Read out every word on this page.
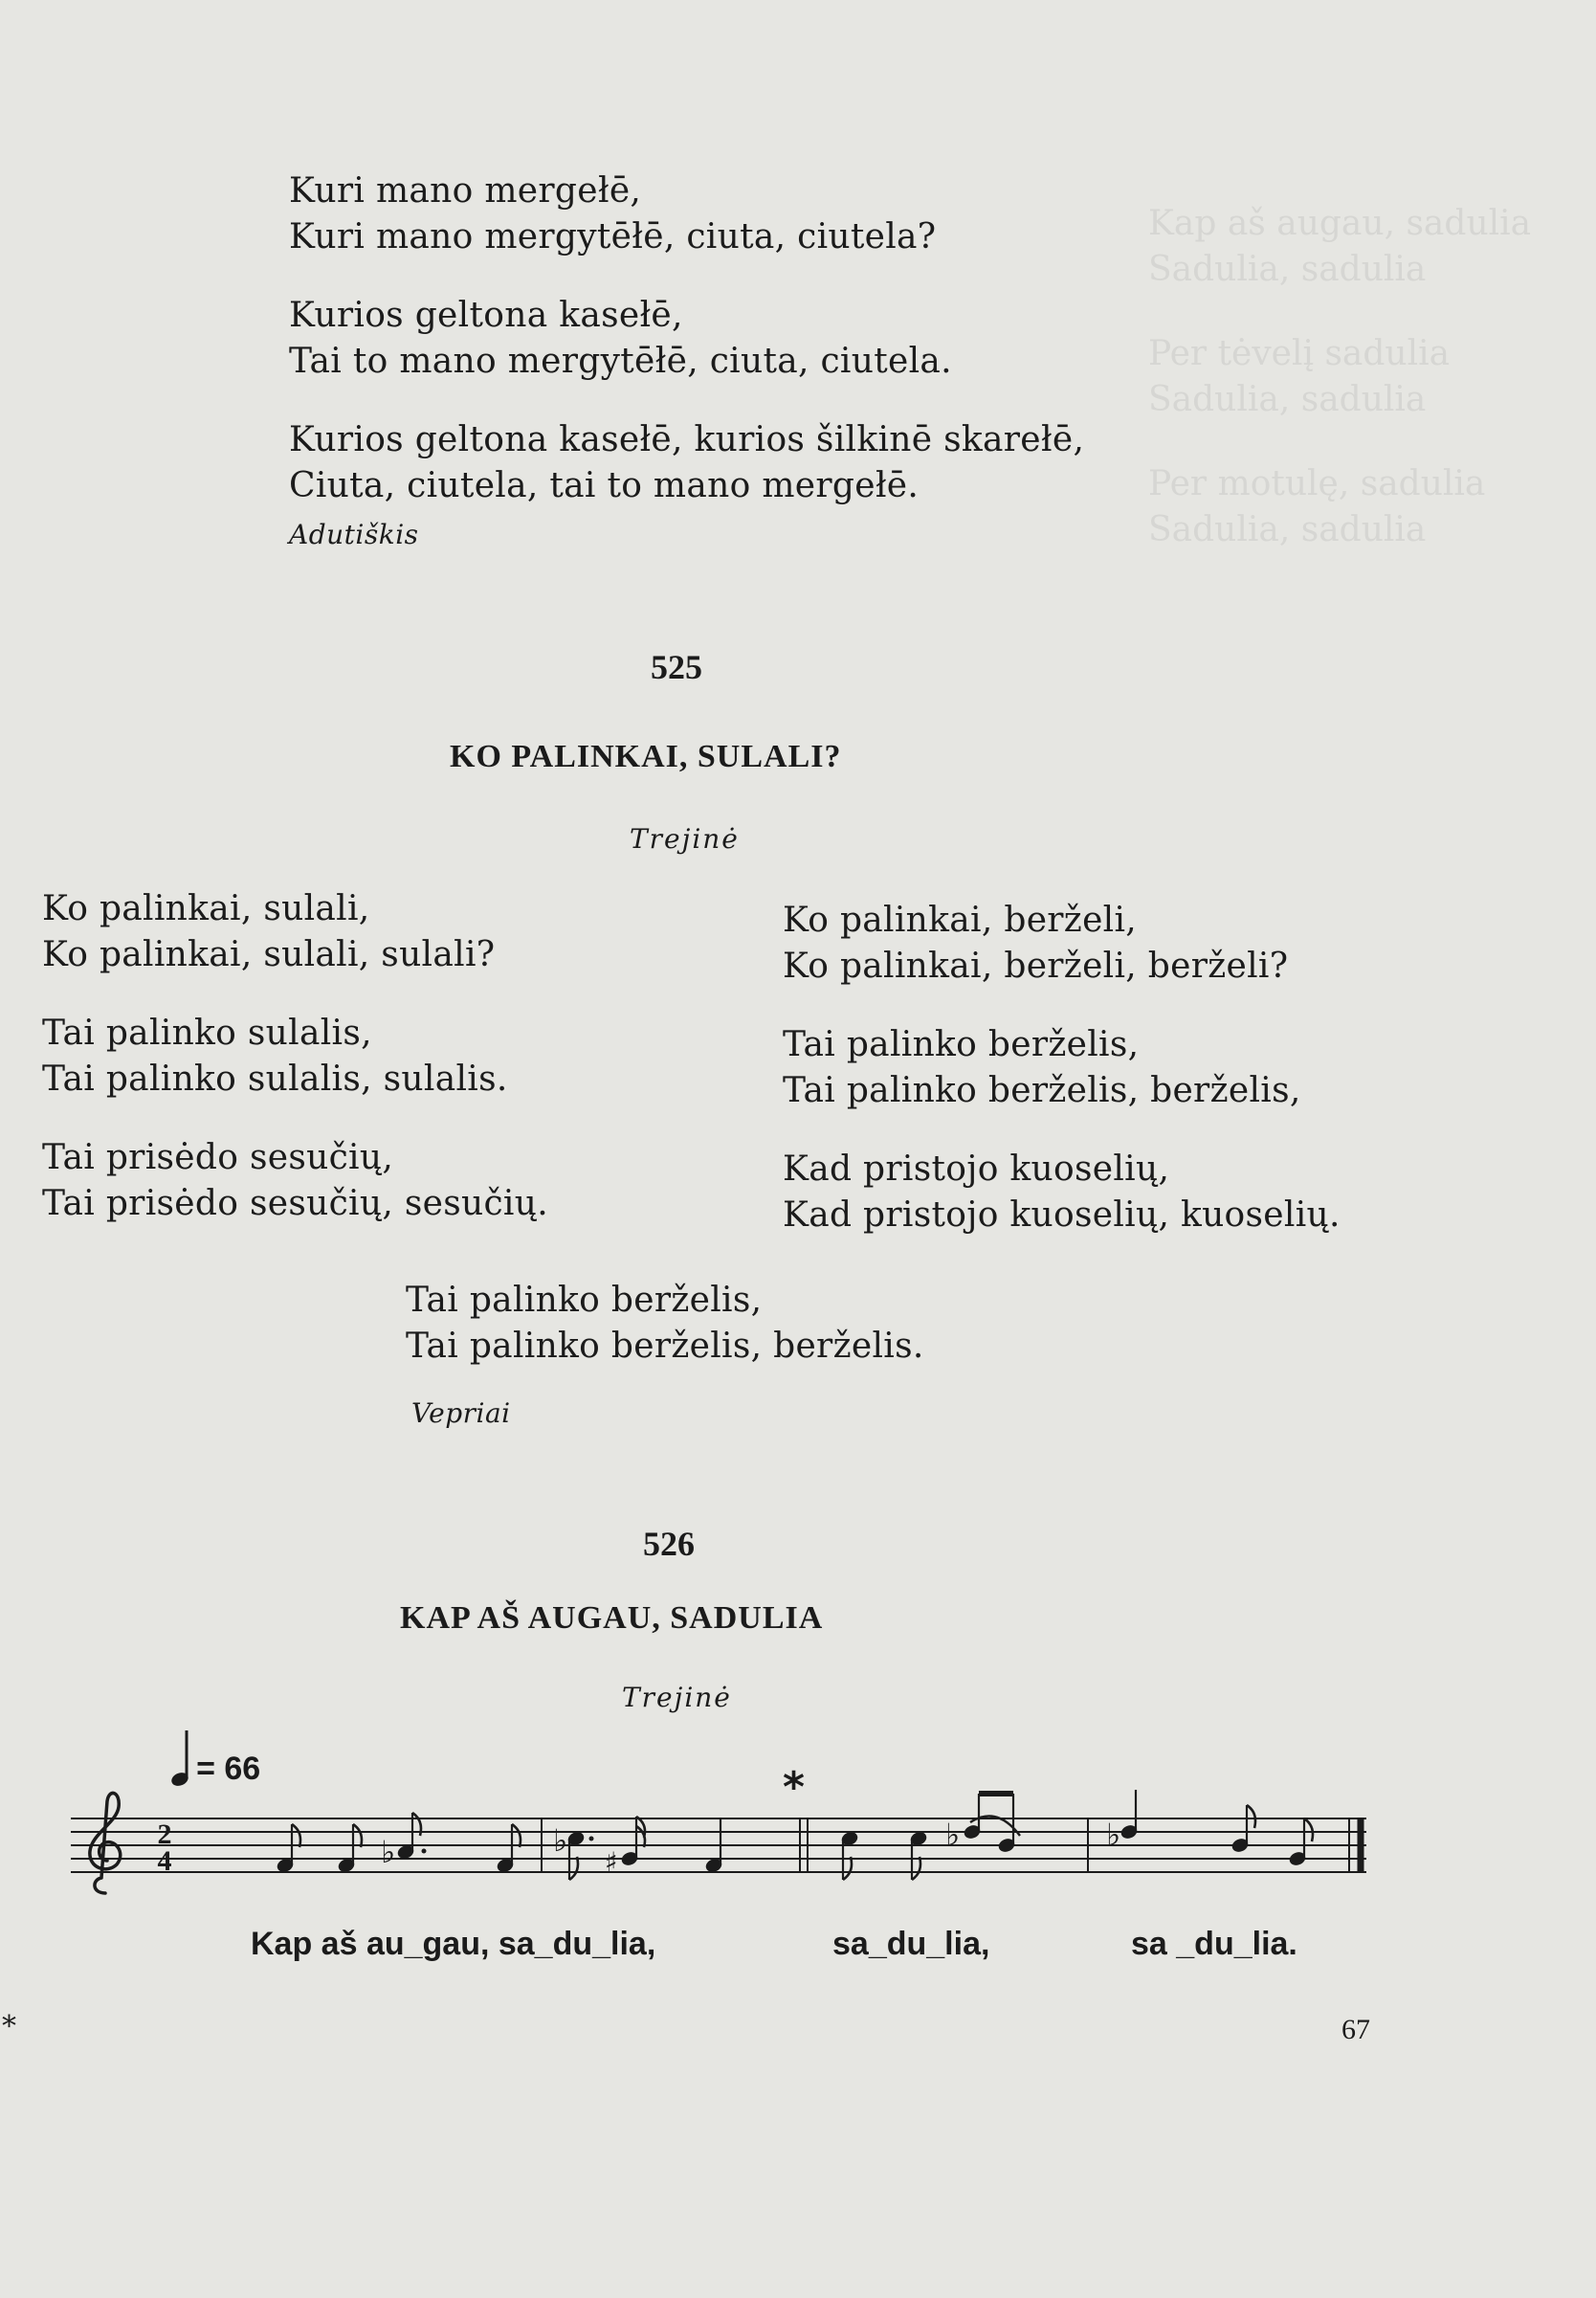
Kap aš augau, sadulia
Sadulia, sadulia
Per tėvelį sadulia
Sadulia, sadulia
Per motulę, sadulia
Sadulia, sadulia
Kuri mano mergełē,
Kuri mano mergytēłē, ciuta, ciutela?
Kurios geltona kasełē,
Tai to mano mergytēłē, ciuta, ciutela.
Kurios geltona kasełē, kurios šilkinē skarełē,
Ciuta, ciutela, tai to mano mergełē.
Adutiškis
525
KO PALINKAI, SULALI?
Trejinė
Ko palinkai, sulali,
Ko palinkai, sulali, sulali?
Tai palinko sulalis,
Tai palinko sulalis, sulalis.
Tai prisėdo sesučių,
Tai prisėdo sesučių, sesučių.
Ko palinkai, berželi,
Ko palinkai, berželi, berželi?
Tai palinko berželis,
Tai palinko berželis, berželis,
Kad pristojo kuoselių,
Kad pristojo kuoselių, kuoselių.
Tai palinko berželis,
Tai palinko berželis, berželis.
Vepriai
526
KAP AŠ AUGAU, SADULIA
Trejinė
= 66	*
2
4	♭	♭
♯
♭	♭
Kap aš au_gau, sa_du_lia,	sa_du_lia,	sa _du_lia.
*	67
